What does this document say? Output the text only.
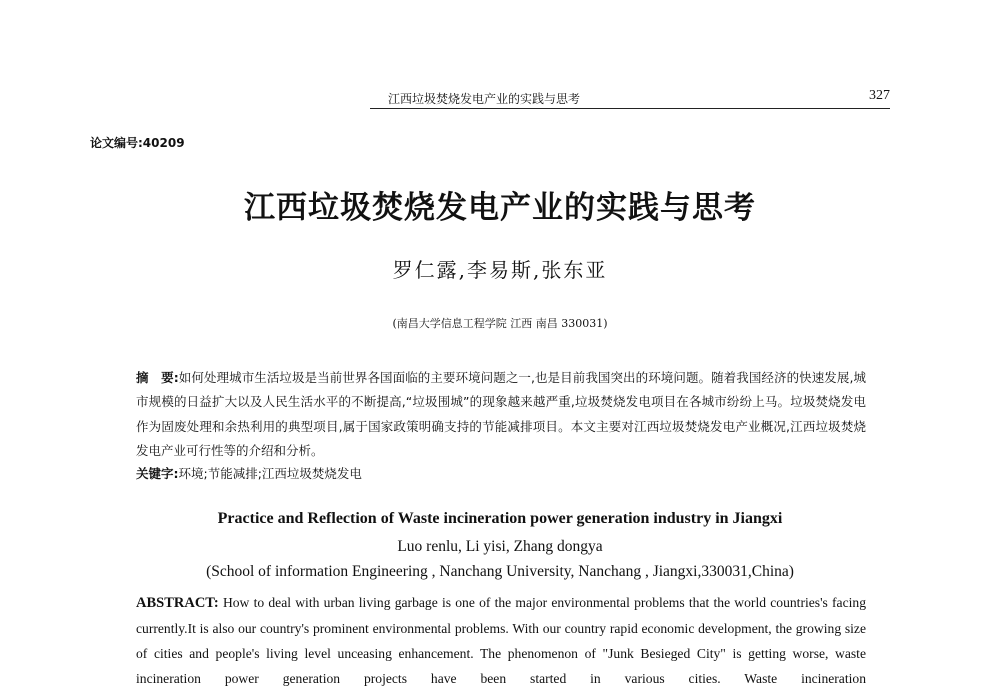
江西垃圾焚烧发电产业的实践与思考	327
论文编号:40209
江西垃圾焚烧发电产业的实践与思考
罗仁露,李易斯,张东亚
(南昌大学信息工程学院 江西 南昌 330031)
摘　要:如何处理城市生活垃圾是当前世界各国面临的主要环境问题之一,也是目前我国突出的环境问题。随着我国经济的快速发展,城市规模的日益扩大以及人民生活水平的不断提高,“垃圾围城”的现象越来越严重,垃圾焚烧发电项目在各城市纷纷上马。垃圾焚烧发电作为固废处理和余热利用的典型项目,属于国家政策明确支持的节能减排项目。本文主要对江西垃圾焚烧发电产业概况,江西垃圾焚烧发电产业可行性等的介绍和分析。
关键字:环境;节能减排;江西垃圾焚烧发电
Practice and Reflection of Waste incineration power generation industry in Jiangxi
Luo renlu, Li yisi, Zhang dongya
(School of information Engineering , Nanchang University, Nanchang , Jiangxi,330031,China)
ABSTRACT: How to deal with urban living garbage is one of the major environmental problems that the world countries's facing currently.It is also our country's prominent environmental problems. With our country rapid economic development, the growing size of cities and people's living level unceasing enhancement. The phenomenon of "Junk Besieged City" is getting worse, waste incineration power generation projects have been started in various cities. Waste incineration
